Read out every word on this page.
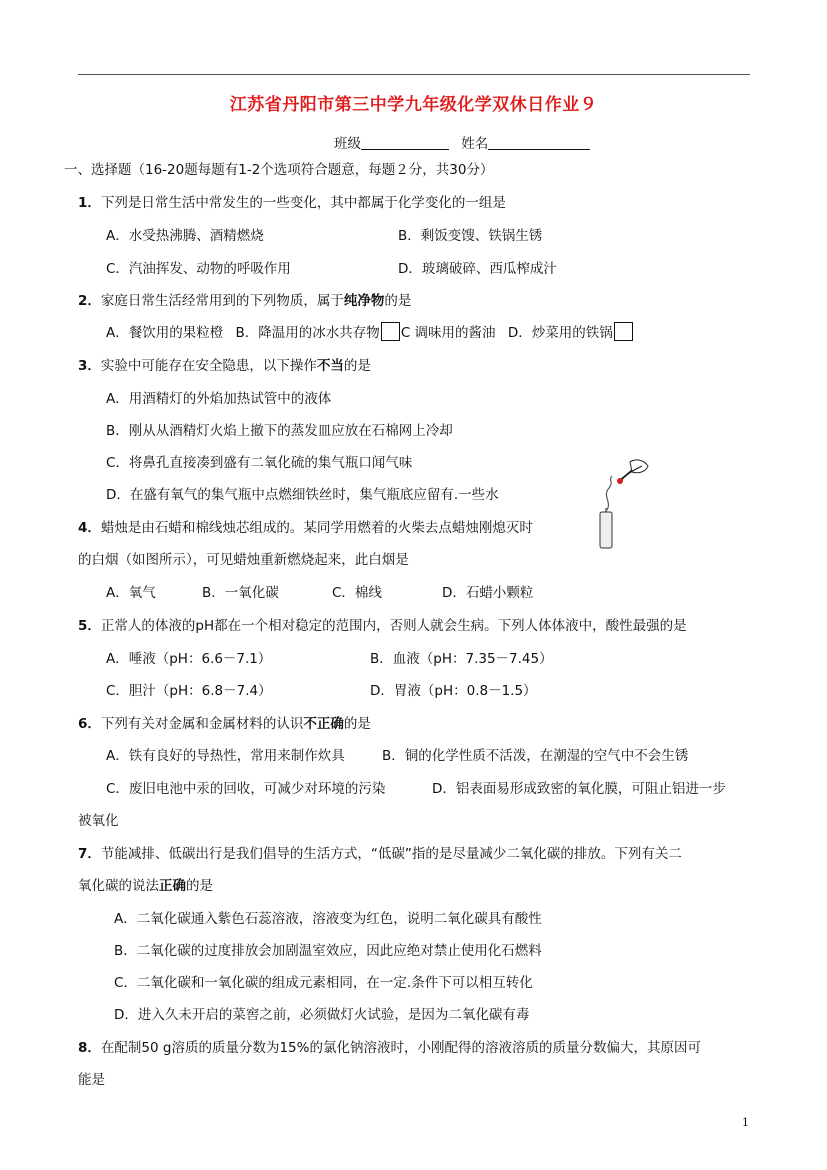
江苏省丹阳市第三中学九年级化学双休日作业９
班级	姓名
一、选择题（16-20题每题有1-2个选项符合题意，每题２分，共30分）
1．下列是日常生活中常发生的一些变化，其中都属于化学变化的一组是
A．水受热沸腾、酒精燃烧	B．剩饭变馊、铁锅生锈
C．汽油挥发、动物的呼吸作用	D．玻璃破碎、西瓜榨成汁
2．家庭日常生活经常用到的下列物质，属于纯净物的是
A．餐饮用的果粒橙 B．降温用的冰水共存物 C 调味用的酱油 D．炒菜用的铁锅
3．实验中可能存在安全隐患，以下操作不当的是
A．用酒精灯的外焰加热试管中的液体
B．刚从从酒精灯火焰上撤下的蒸发皿应放在石棉网上冷却
C．将鼻孔直接凑到盛有二氧化硫的集气瓶口闻气味
D．在盛有氧气的集气瓶中点燃细铁丝时，集气瓶底应留有.一些水
4．蜡烛是由石蜡和棉线烛芯组成的。某同学用燃着的火柴去点蜡烛刚熄灭时
的白烟（如图所示），可见蜡烛重新燃烧起来，此白烟是
A．氧气	B．一氧化碳	C．棉线	D．石蜡小颗粒
5．正常人的体液的pH都在一个相对稳定的范围内，否则人就会生病。下列人体体液中，酸性最强的是
A．唾液（pH：6.6－7.1）	B．血液（pH：7.35－7.45）
C．胆汁（pH：6.8－7.4）	D．胃液（pH：0.8－1.5）
6．下列有关对金属和金属材料的认识不正确的是
A．铁有良好的导热性，常用来制作炊具	B．铜的化学性质不活泼，在潮湿的空气中不会生锈
C．废旧电池中汞的回收，可减少对环境的污染	D．铝表面易形成致密的氧化膜，可阻止铝进一步
被氧化
7．节能减排、低碳出行是我们倡导的生活方式，“低碳”指的是尽量减少二氧化碳的排放。下列有关二
氧化碳的说法正确的是
A．二氧化碳通入紫色石蕊溶液，溶液变为红色，说明二氧化碳具有酸性
B．二氧化碳的过度排放会加剧温室效应，因此应绝对禁止使用化石燃料
C．二氧化碳和一氧化碳的组成元素相同，在一定.条件下可以相互转化
D．进入久未开启的菜窖之前，必须做灯火试验，是因为二氧化碳有毒
8．在配制50 g溶质的质量分数为15%的氯化钠溶液时，小刚配得的溶液溶质的质量分数偏大，其原因可
能是
1
